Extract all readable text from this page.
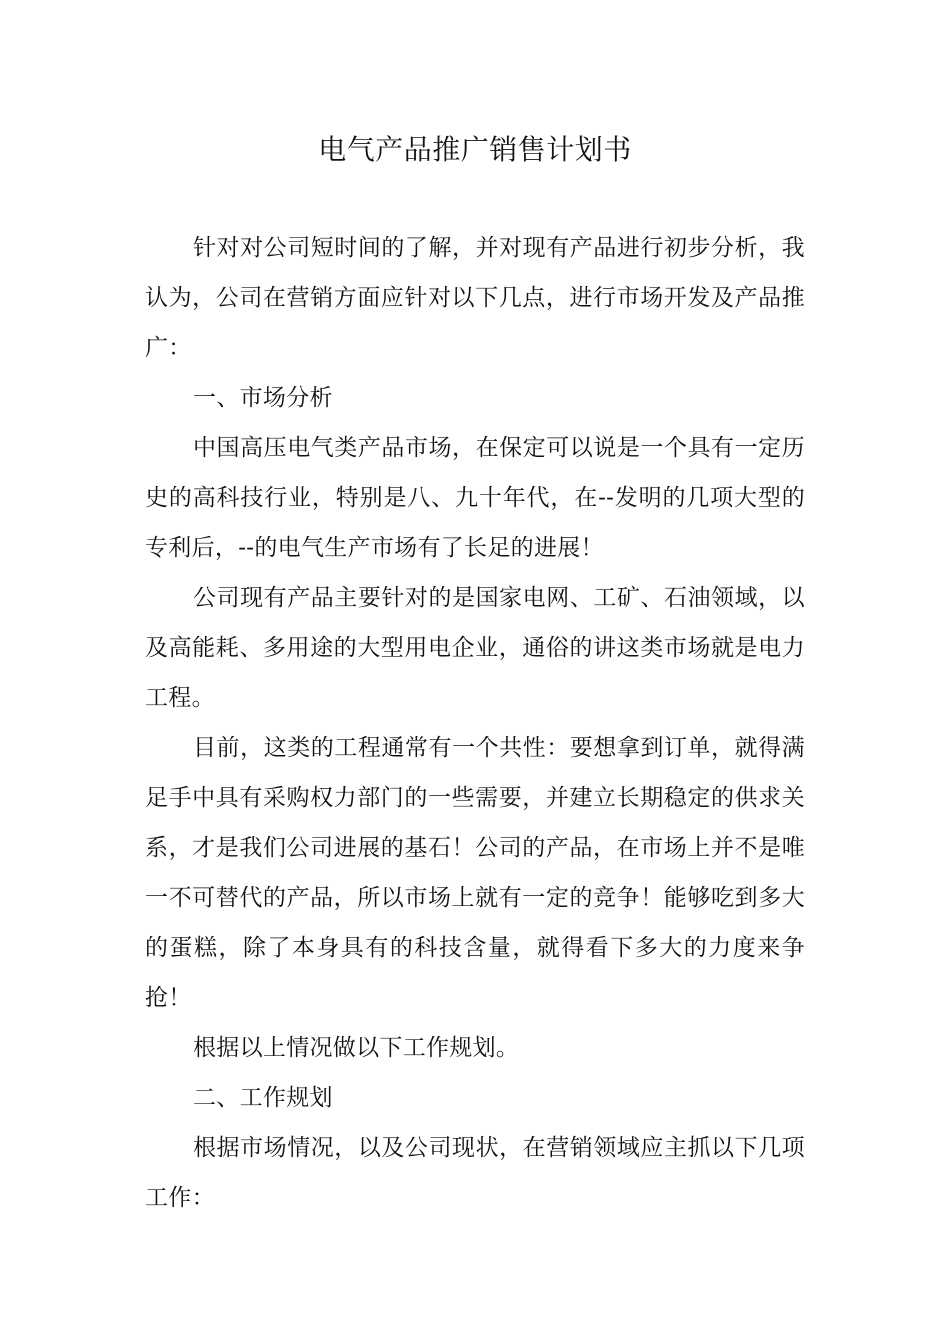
电气产品推广销售计划书

针对对公司短时间的了解，并对现有产品进行初步分析，我认为，公司在营销方面应针对以下几点，进行市场开发及产品推广：

一、市场分析

中国高压电气类产品市场，在保定可以说是一个具有一定历史的高科技行业，特别是八、九十年代，在--发明的几项大型的专利后，--的电气生产市场有了长足的进展！

公司现有产品主要针对的是国家电网、工矿、石油领域，以及高能耗、多用途的大型用电企业，通俗的讲这类市场就是电力工程。

目前，这类的工程通常有一个共性：要想拿到订单，就得满足手中具有采购权力部门的一些需要，并建立长期稳定的供求关系，才是我们公司进展的基石！公司的产品，在市场上并不是唯一不可替代的产品，所以市场上就有一定的竞争！能够吃到多大的蛋糕，除了本身具有的科技含量，就得看下多大的力度来争抢！

根据以上情况做以下工作规划。

二、工作规划

根据市场情况，以及公司现状，在营销领域应主抓以下几项工作：
